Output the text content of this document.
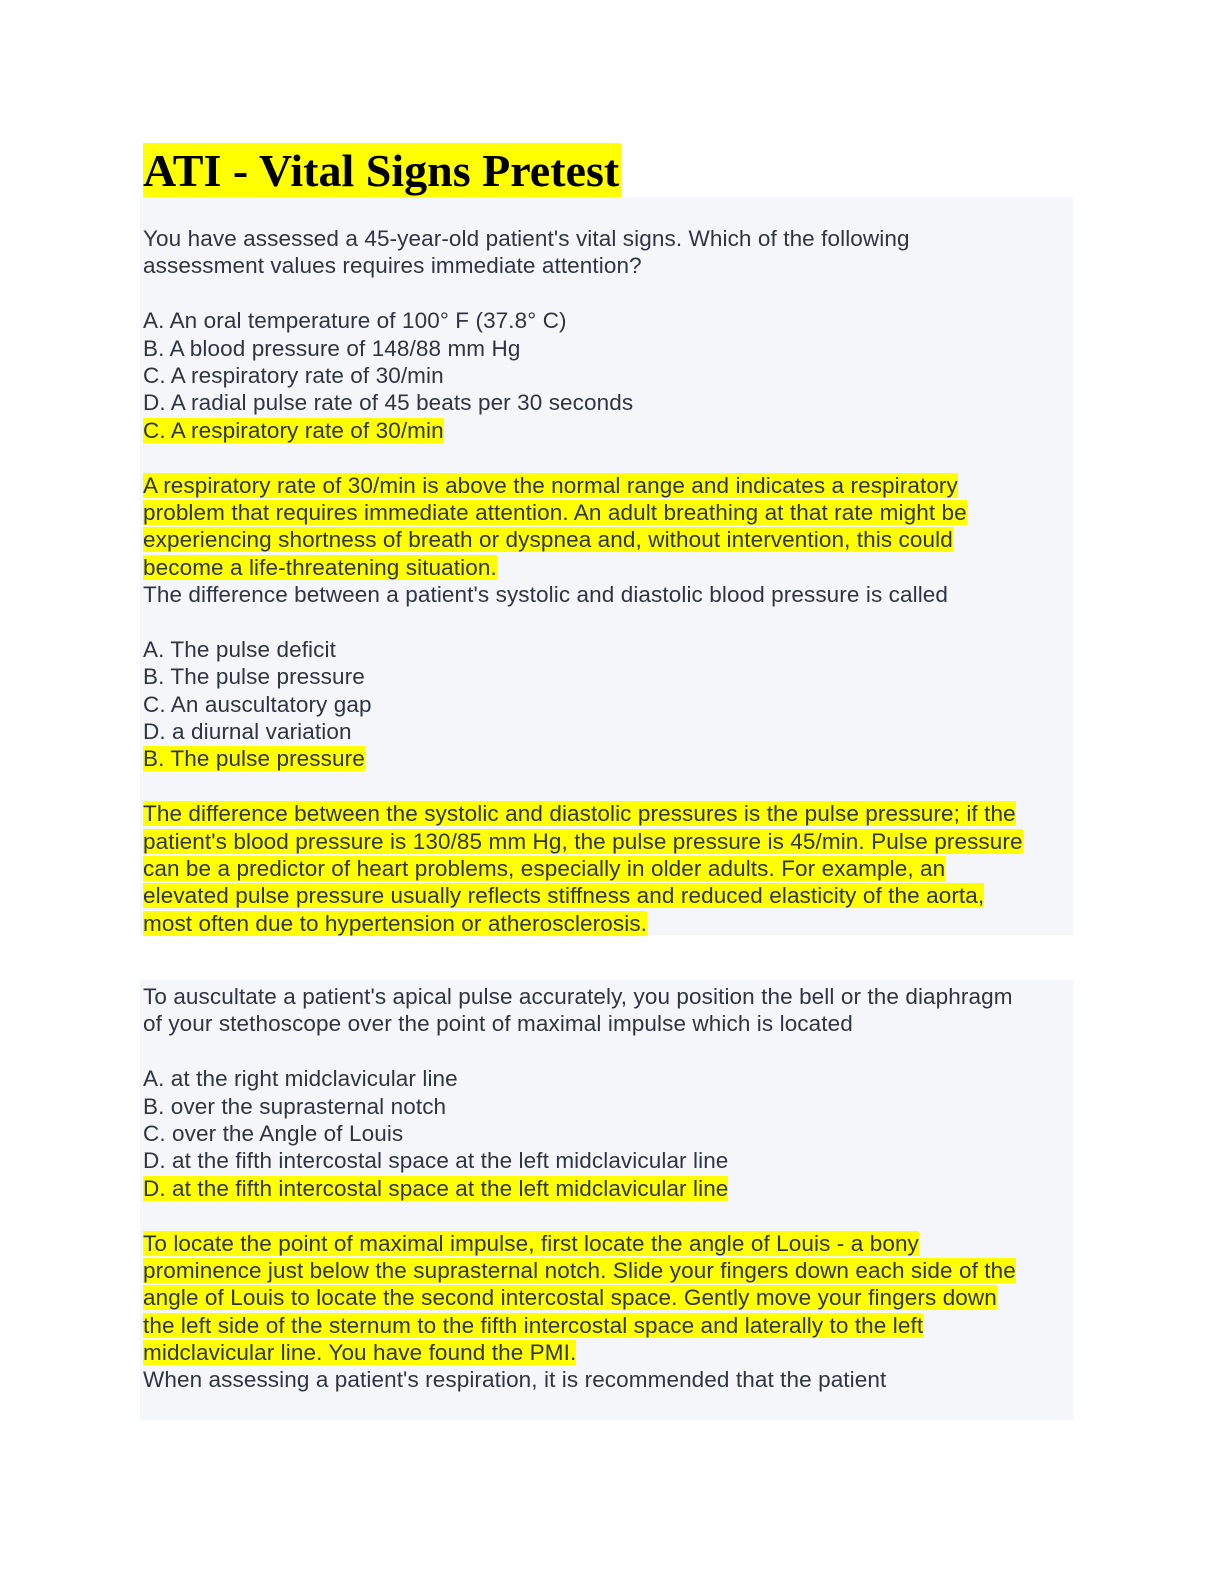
ATI - Vital Signs Pretest
You have assessed a 45-year-old patient's vital signs. Which of the following
assessment values requires immediate attention?
A. An oral temperature of 100° F (37.8° C)
B. A blood pressure of 148/88 mm Hg
C. A respiratory rate of 30/min
D. A radial pulse rate of 45 beats per 30 seconds
C. A respiratory rate of 30/min
A respiratory rate of 30/min is above the normal range and indicates a respiratory
problem that requires immediate attention. An adult breathing at that rate might be
experiencing shortness of breath or dyspnea and, without intervention, this could
become a life-threatening situation.
The difference between a patient's systolic and diastolic blood pressure is called
A. The pulse deficit
B. The pulse pressure
C. An auscultatory gap
D. a diurnal variation
B. The pulse pressure
The difference between the systolic and diastolic pressures is the pulse pressure; if the
patient's blood pressure is 130/85 mm Hg, the pulse pressure is 45/min. Pulse pressure
can be a predictor of heart problems, especially in older adults. For example, an
elevated pulse pressure usually reflects stiffness and reduced elasticity of the aorta,
most often due to hypertension or atherosclerosis.
To auscultate a patient's apical pulse accurately, you position the bell or the diaphragm
of your stethoscope over the point of maximal impulse which is located
A. at the right midclavicular line
B. over the suprasternal notch
C. over the Angle of Louis
D. at the fifth intercostal space at the left midclavicular line
D. at the fifth intercostal space at the left midclavicular line
To locate the point of maximal impulse, first locate the angle of Louis - a bony
prominence just below the suprasternal notch. Slide your fingers down each side of the
angle of Louis to locate the second intercostal space. Gently move your fingers down
the left side of the sternum to the fifth intercostal space and laterally to the left
midclavicular line. You have found the PMI.
When assessing a patient's respiration, it is recommended that the patient
